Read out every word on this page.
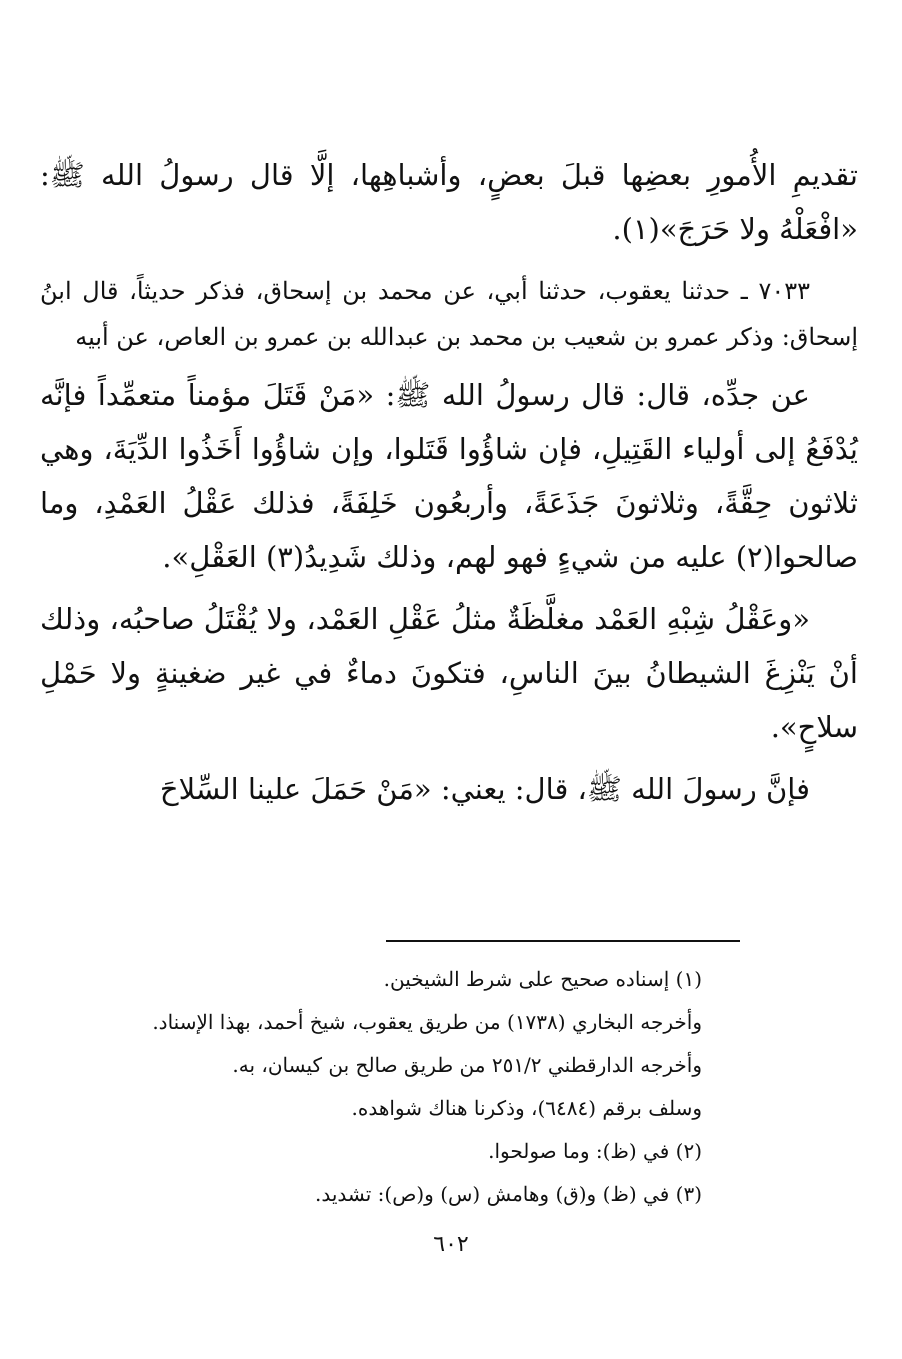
تقديمِ الأُمورِ بعضِها قبلَ بعضٍ، وأشباهِها، إلَّا قال رسولُ الله ﷺ: «افْعَلْهُ ولا حَرَجَ»(١).

٧٠٣٣ ـ حدثنا يعقوب، حدثنا أبي، عن محمد بن إسحاق، فذكر حديثاً، قال ابنُ إسحاق: وذكر عمرو بن شعيب بن محمد بن عبدالله بن عمرو بن العاص، عن أبيه

عن جدِّه، قال: قال رسولُ الله ﷺ: «مَنْ قَتَلَ مؤمناً متعمِّداً فإنَّه يُدْفَعُ إلى أولياء القَتِيلِ، فإن شاؤُوا قَتَلوا، وإن شاؤُوا أَخَذُوا الدِّيَةَ، وهي ثلاثون حِقَّةً، وثلاثونَ جَذَعَةً، وأربعُون خَلِفَةً، فذلك عَقْلُ العَمْدِ، وما صالحوا(٢) عليه من شيءٍ فهو لهم، وذلك شَدِيدُ(٣) العَقْلِ».

«وعَقْلُ شِبْهِ العَمْد مغلَّظَةٌ مثلُ عَقْلِ العَمْد، ولا يُقْتَلُ صاحبُه، وذلك أنْ يَنْزِغَ الشيطانُ بينَ الناسِ، فتكونَ دماءٌ في غير ضغينةٍ ولا حَمْلِ سلاحٍ».

فإنَّ رسولَ الله ﷺ، قال: يعني: «مَنْ حَمَلَ علينا السِّلاحَ

(١) إسناده صحيح على شرط الشيخين.

وأخرجه البخاري (١٧٣٨) من طريق يعقوب، شيخ أحمد، بهذا الإسناد.

وأخرجه الدارقطني ٢٥١/٢ من طريق صالح بن كيسان، به.

وسلف برقم (٦٤٨٤)، وذكرنا هناك شواهده.

(٢) في (ظ): وما صولحوا.

(٣) في (ظ) و(ق) وهامش (س) و(ص): تشديد.

٦٠٢
